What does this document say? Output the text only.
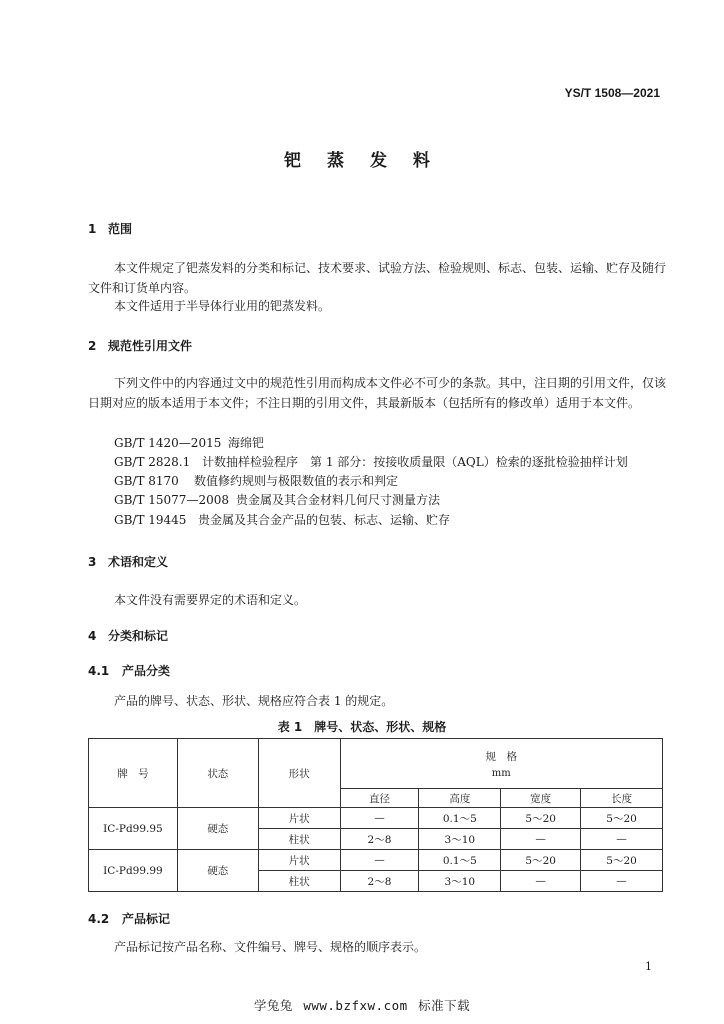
YS/T 1508—2021
钯 蒸 发 料
1 范围
本文件规定了钯蒸发料的分类和标记、技术要求、试验方法、检验规则、标志、包装、运输、贮存及随行文件和订货单内容。
本文件适用于半导体行业用的钯蒸发料。
2 规范性引用文件
下列文件中的内容通过文中的规范性引用而构成本文件必不可少的条款。其中，注日期的引用文件，仅该日期对应的版本适用于本文件；不注日期的引用文件，其最新版本（包括所有的修改单）适用于本文件。
GB/T 1420—2015 海绵钯
GB/T 2828.1 计数抽样检验程序　第 1 部分：按接收质量限（AQL）检索的逐批检验抽样计划
GB/T 8170 数值修约规则与极限数值的表示和判定
GB/T 15077—2008 贵金属及其合金材料几何尺寸测量方法
GB/T 19445 贵金属及其合金产品的包装、标志、运输、贮存
3 术语和定义
本文件没有需要界定的术语和定义。
4 分类和标记
4.1 产品分类
产品的牌号、状态、形状、规格应符合表 1 的规定。
表 1　牌号、状态、形状、规格
牌　号	状态	形状	规　格
mm			

			直径	高度	宽度	长度
IC-Pd99.95	硬态	片状	—	0.1～5	5～20	5～20
		柱状	2～8	3～10	—	—
IC-Pd99.99	硬态	片状	—	0.1～5	5～20	5～20
		柱状	2～8	3～10	—	—
4.2 产品标记
产品标记按产品名称、文件编号、牌号、规格的顺序表示。
1
学兔兔 www.bzfxw.com 标准下载
